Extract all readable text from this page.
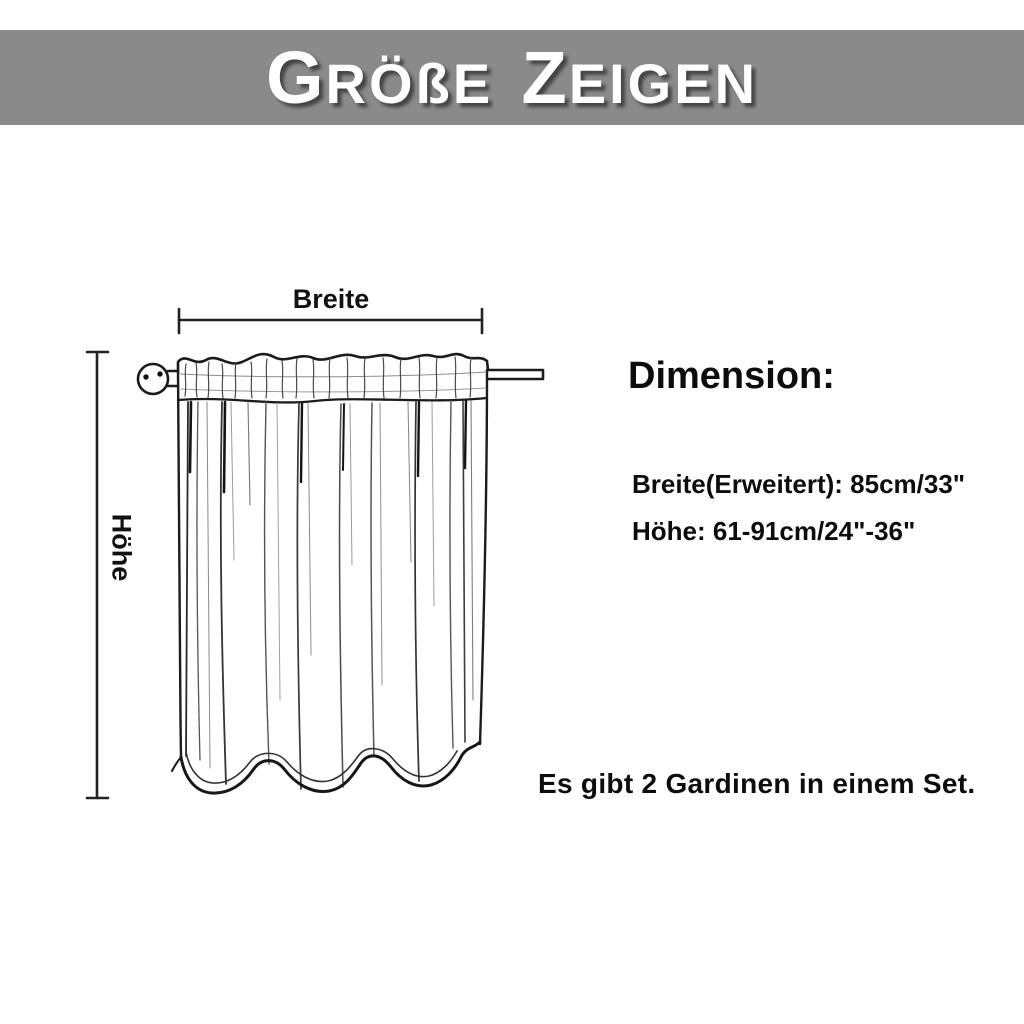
GRÖßE ZEIGEN
Breite
Höhe
Dimension:
Breite(Erweitert): 85cm/33"
Höhe: 61-91cm/24"-36"
Es gibt 2 Gardinen in einem Set.
